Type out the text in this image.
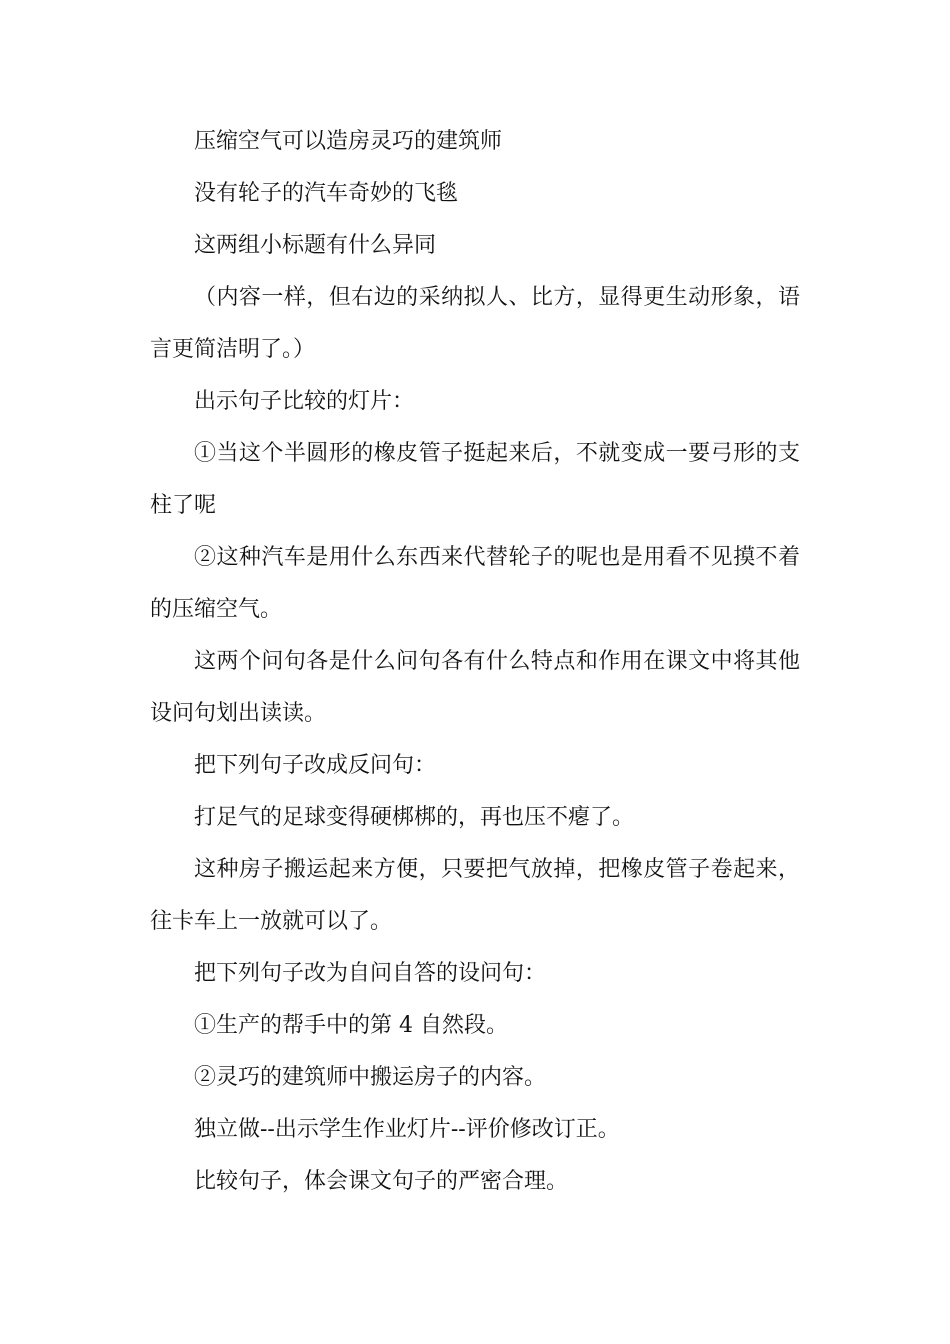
压缩空气可以造房灵巧的建筑师

没有轮子的汽车奇妙的飞毯

这两组小标题有什么异同

（内容一样，但右边的采纳拟人、比方，显得更生动形象，语言更简洁明了。）

出示句子比较的灯片：

①当这个半圆形的橡皮管子挺起来后，不就变成一要弓形的支柱了呢

②这种汽车是用什么东西来代替轮子的呢也是用看不见摸不着的压缩空气。

这两个问句各是什么问句各有什么特点和作用在课文中将其他设问句划出读读。

把下列句子改成反问句：

打足气的足球变得硬梆梆的，再也压不瘪了。

这种房子搬运起来方便，只要把气放掉，把橡皮管子卷起来，往卡车上一放就可以了。

把下列句子改为自问自答的设问句：

①生产的帮手中的第 4 自然段。

②灵巧的建筑师中搬运房子的内容。

独立做--出示学生作业灯片--评价修改订正。

比较句子，体会课文句子的严密合理。
